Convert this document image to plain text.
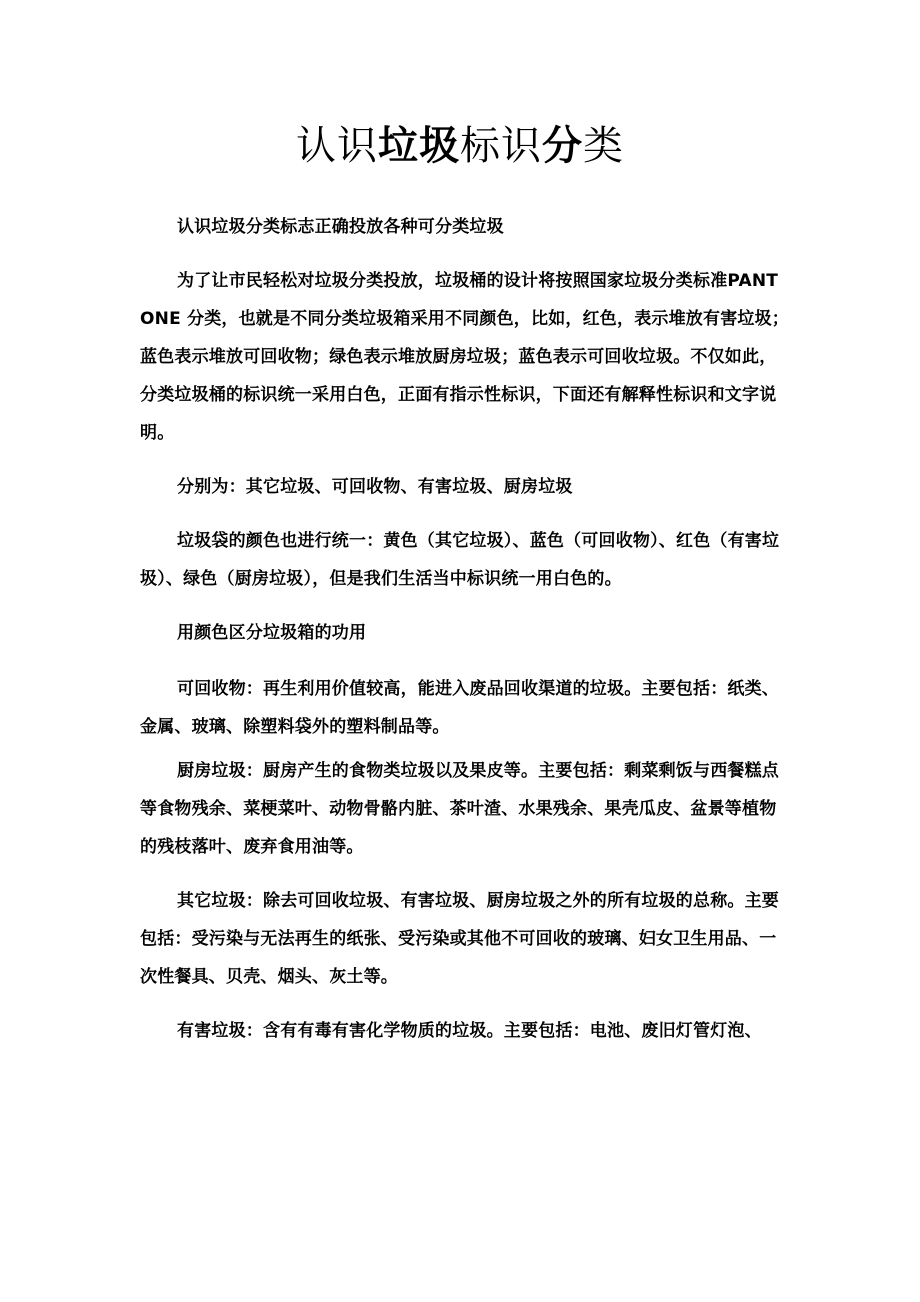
认识垃圾标识分类

认识垃圾分类标志正确投放各种可分类垃圾

为了让市民轻松对垃圾分类投放，垃圾桶的设计将按照国家垃圾分类标准PANTONE 分类，也就是不同分类垃圾箱采用不同颜色，比如，红色，表示堆放有害垃圾；蓝色表示堆放可回收物；绿色表示堆放厨房垃圾；蓝色表示可回收垃圾。不仅如此，分类垃圾桶的标识统一采用白色，正面有指示性标识，下面还有解释性标识和文字说明。

分别为：其它垃圾、可回收物、有害垃圾、厨房垃圾

垃圾袋的颜色也进行统一：黄色（其它垃圾）、蓝色（可回收物）、红色（有害垃圾）、绿色（厨房垃圾），但是我们生活当中标识统一用白色的。

用颜色区分垃圾箱的功用

可回收物：再生利用价值较高，能进入废品回收渠道的垃圾。主要包括：纸类、金属、玻璃、除塑料袋外的塑料制品等。

厨房垃圾：厨房产生的食物类垃圾以及果皮等。主要包括：剩菜剩饭与西餐糕点等食物残余、菜梗菜叶、动物骨骼内脏、茶叶渣、水果残余、果壳瓜皮、盆景等植物的残枝落叶、废弃食用油等。

其它垃圾：除去可回收垃圾、有害垃圾、厨房垃圾之外的所有垃圾的总称。主要包括：受污染与无法再生的纸张、受污染或其他不可回收的玻璃、妇女卫生用品、一次性餐具、贝壳、烟头、灰土等。

有害垃圾：含有有毒有害化学物质的垃圾。主要包括：电池、废旧灯管灯泡、
